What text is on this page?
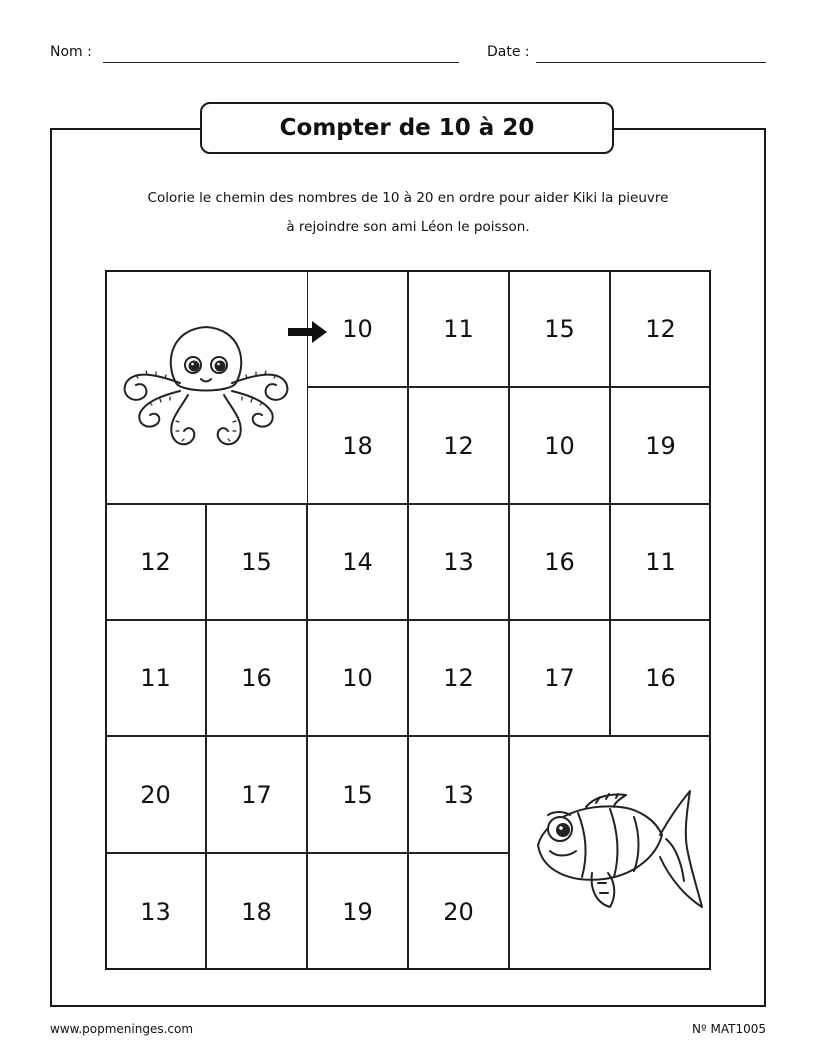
Nom :	Date :
Compter de 10 à 20
Colorie le chemin des nombres de 10 à 20 en ordre pour aider Kiki la pieuvre
à rejoindre son ami Léon le poisson.
10	11	15	12
18	12	10	19
12	15	14	13	16	11
11	16	10	12	17	16
20	17	15	13
13	18	19	20
www.popmeninges.com	Nº MAT1005
